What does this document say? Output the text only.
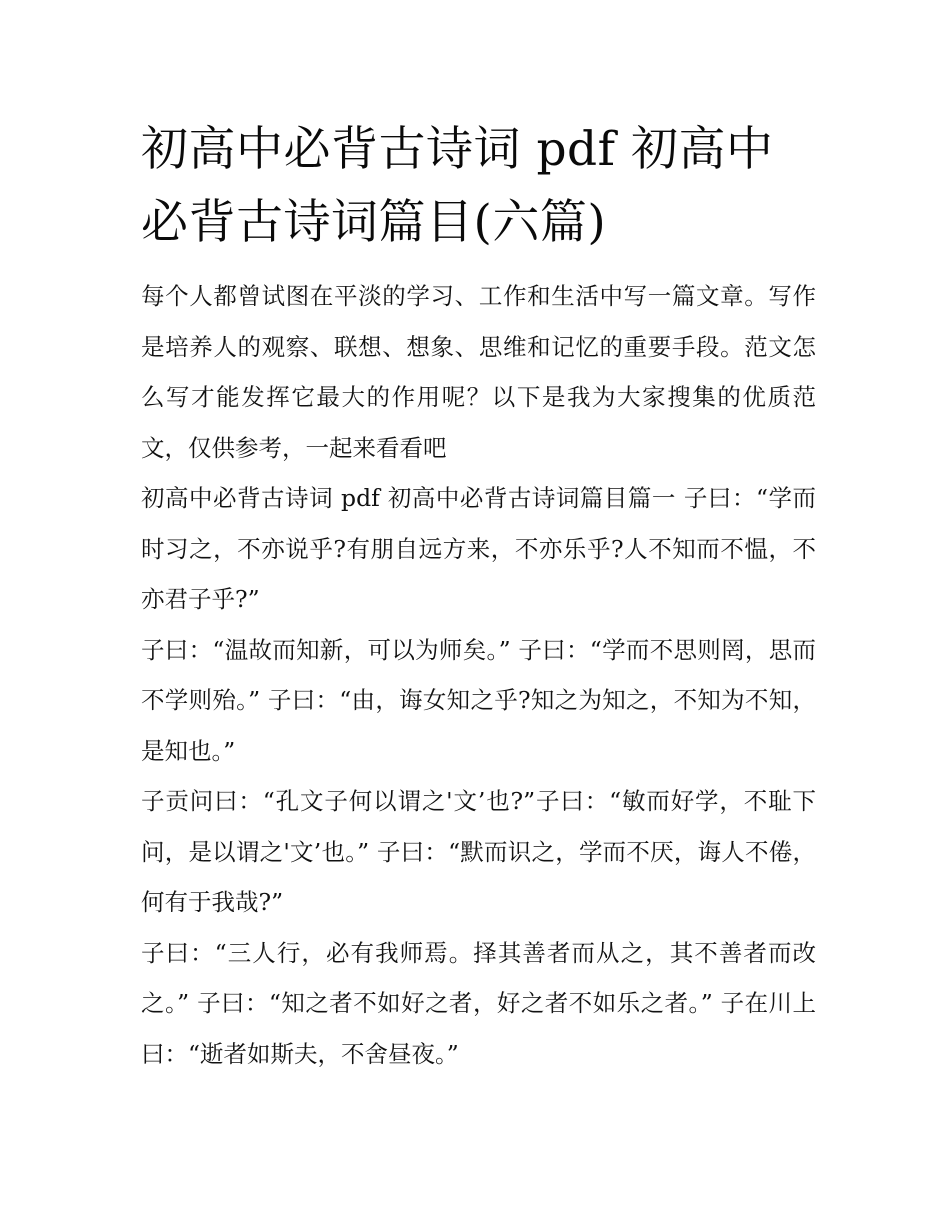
初高中必背古诗词 pdf 初高中必背古诗词篇目(六篇)

每个人都曾试图在平淡的学习、工作和生活中写一篇文章。写作是培养人的观察、联想、想象、思维和记忆的重要手段。范文怎么写才能发挥它最大的作用呢？以下是我为大家搜集的优质范文，仅供参考，一起来看看吧

初高中必背古诗词 pdf 初高中必背古诗词篇目篇一 子曰：“学而时习之，不亦说乎?有朋自远方来，不亦乐乎?人不知而不愠，不亦君子乎?”

子曰：“温故而知新，可以为师矣。” 子曰：“学而不思则罔，思而不学则殆。” 子曰：“由，诲女知之乎?知之为知之，不知为不知，是知也。”

子贡问曰：“孔文子何以谓之'文’也?”子曰：“敏而好学，不耻下问，是以谓之'文’也。” 子曰：“默而识之，学而不厌，诲人不倦，何有于我哉?”

子曰：“三人行，必有我师焉。择其善者而从之，其不善者而改之。” 子曰：“知之者不如好之者，好之者不如乐之者。” 子在川上曰：“逝者如斯夫，不舍昼夜。”
